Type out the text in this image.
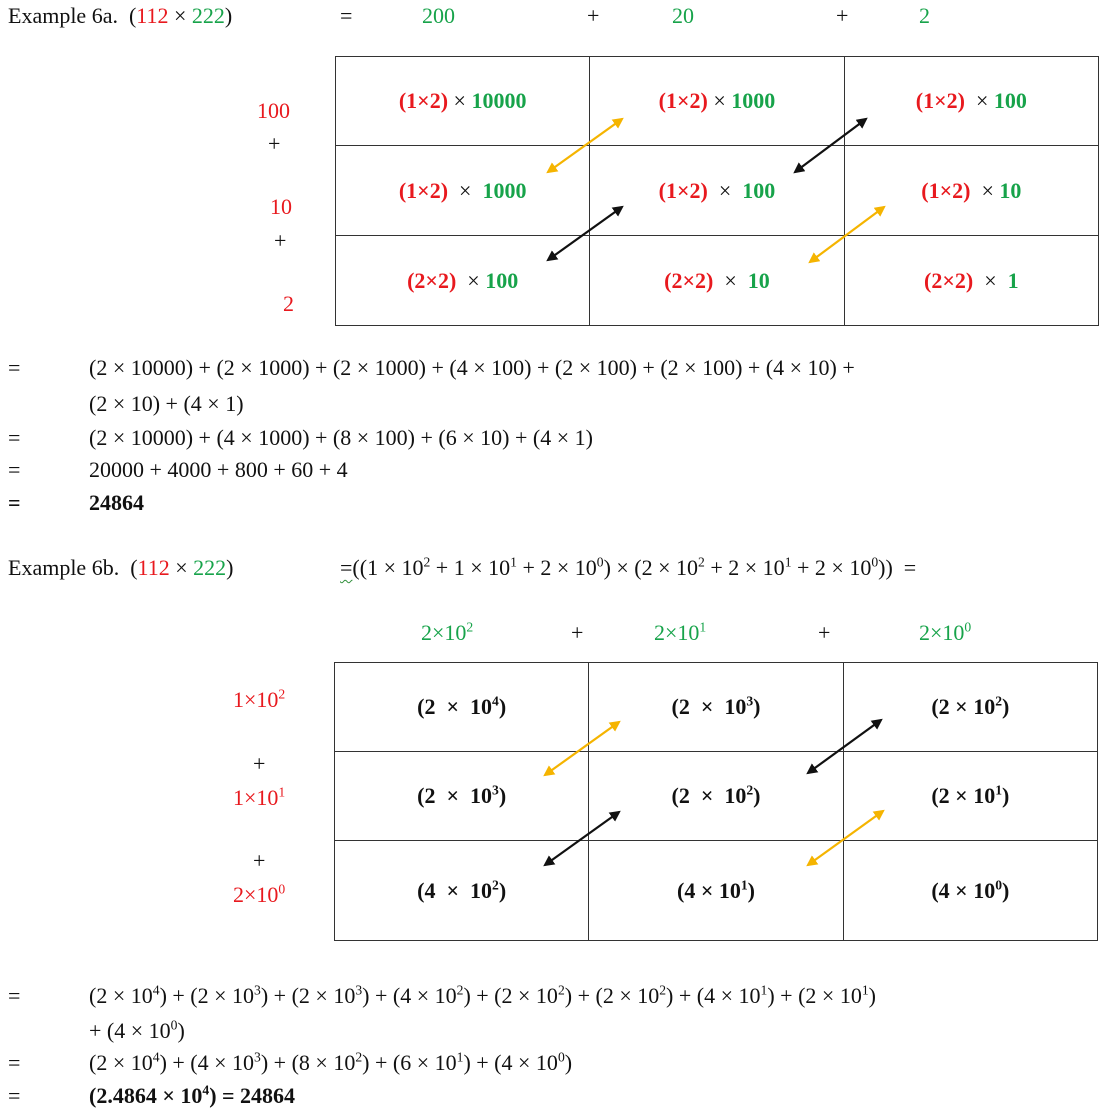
Example 6a. (112 × 222)	=	200	+	20	+	2
100
+
10
+
2
(1×2) × 10000	(1×2) × 1000	(1×2)  × 100
(1×2)  ×  1000	(1×2)  ×  100	(1×2)  × 10
(2×2)  × 100	(2×2)  ×  10	(2×2)  ×  1
=	(2 × 10000) + (2 × 1000) + (2 × 1000) + (4 × 100) + (2 × 100) + (2 × 100) + (4 × 10) +
(2 × 10) + (4 × 1)
=	(2 × 10000) + (4 × 1000) + (8 × 100) + (6 × 10) + (4 × 1)
=	20000 + 4000 + 800 + 60 + 4
=	24864
Example 6b. (112 × 222)	$=((1 \times 10^2 + 1 \times 10^1 + 2 \times 10^0) \times (2 \times 10^2 + 2 \times 10^1 + 2 \times 10^0))$  =
$2\times 10^2$	+	$2\times 10^1$	+	$2\times 10^0$
$1\times 10^2$
+
$1\times 10^1$
+
$2\times 10^0$
$(2 \times 10^4)$	$(2 \times 10^3)$	$(2 \times 10^2)$
$(2 \times 10^3)$	$(2 \times 10^2)$	$(2 \times 10^1)$
$(4 \times 10^2)$	$(4 \times 10^1)$	$(4 \times 10^0)$
=	$(2 \times 10^4) + (2 \times 10^3) + (2 \times 10^3) + (4 \times 10^2) + (2 \times 10^2) + (2 \times 10^2) + (4 \times 10^1) + (2 \times 10^1)$
+ $(4 \times 10^0)$
=	$(2 \times 10^4) + (4 \times 10^3) + (8 \times 10^2) + (6 \times 10^1) + (4 \times 10^0)$
=	$(2.4864 \times 10^4) = 24864$
